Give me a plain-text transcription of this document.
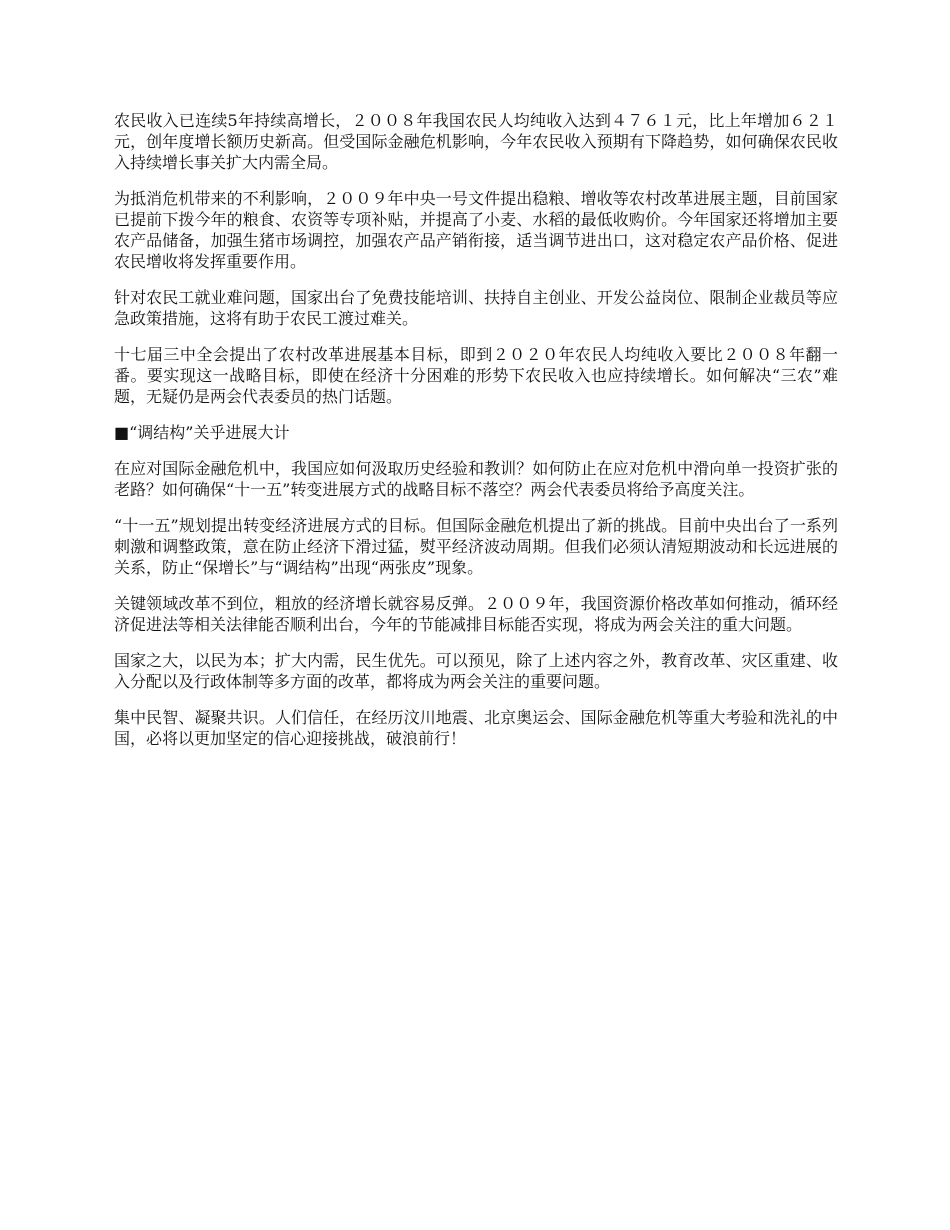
农民收入已连续5年持续高增长，２００８年我国农民人均纯收入达到４７６１元，比上年增加６２１元，创年度增长额历史新高。但受国际金融危机影响，今年农民收入预期有下降趋势，如何确保农民收入持续增长事关扩大内需全局。

为抵消危机带来的不利影响，２００９年中央一号文件提出稳粮、增收等农村改革进展主题，目前国家已提前下拨今年的粮食、农资等专项补贴，并提高了小麦、水稻的最低收购价。今年国家还将增加主要农产品储备，加强生猪市场调控，加强农产品产销衔接，适当调节进出口，这对稳定农产品价格、促进农民增收将发挥重要作用。

针对农民工就业难问题，国家出台了免费技能培训、扶持自主创业、开发公益岗位、限制企业裁员等应急政策措施，这将有助于农民工渡过难关。

十七届三中全会提出了农村改革进展基本目标，即到２０２０年农民人均纯收入要比２００８年翻一番。要实现这一战略目标，即使在经济十分困难的形势下农民收入也应持续增长。如何解决“三农”难题，无疑仍是两会代表委员的热门话题。

■“调结构”关乎进展大计

在应对国际金融危机中，我国应如何汲取历史经验和教训？如何防止在应对危机中滑向单一投资扩张的老路？如何确保“十一五”转变进展方式的战略目标不落空？两会代表委员将给予高度关注。

“十一五”规划提出转变经济进展方式的目标。但国际金融危机提出了新的挑战。目前中央出台了一系列刺激和调整政策，意在防止经济下滑过猛，熨平经济波动周期。但我们必须认清短期波动和长远进展的关系，防止“保增长”与“调结构”出现“两张皮”现象。

关键领域改革不到位，粗放的经济增长就容易反弹。２００９年，我国资源价格改革如何推动，循环经济促进法等相关法律能否顺利出台，今年的节能减排目标能否实现，将成为两会关注的重大问题。

国家之大，以民为本；扩大内需，民生优先。可以预见，除了上述内容之外，教育改革、灾区重建、收入分配以及行政体制等多方面的改革，都将成为两会关注的重要问题。

集中民智、凝聚共识。人们信任，在经历汶川地震、北京奥运会、国际金融危机等重大考验和洗礼的中国，必将以更加坚定的信心迎接挑战，破浪前行！
